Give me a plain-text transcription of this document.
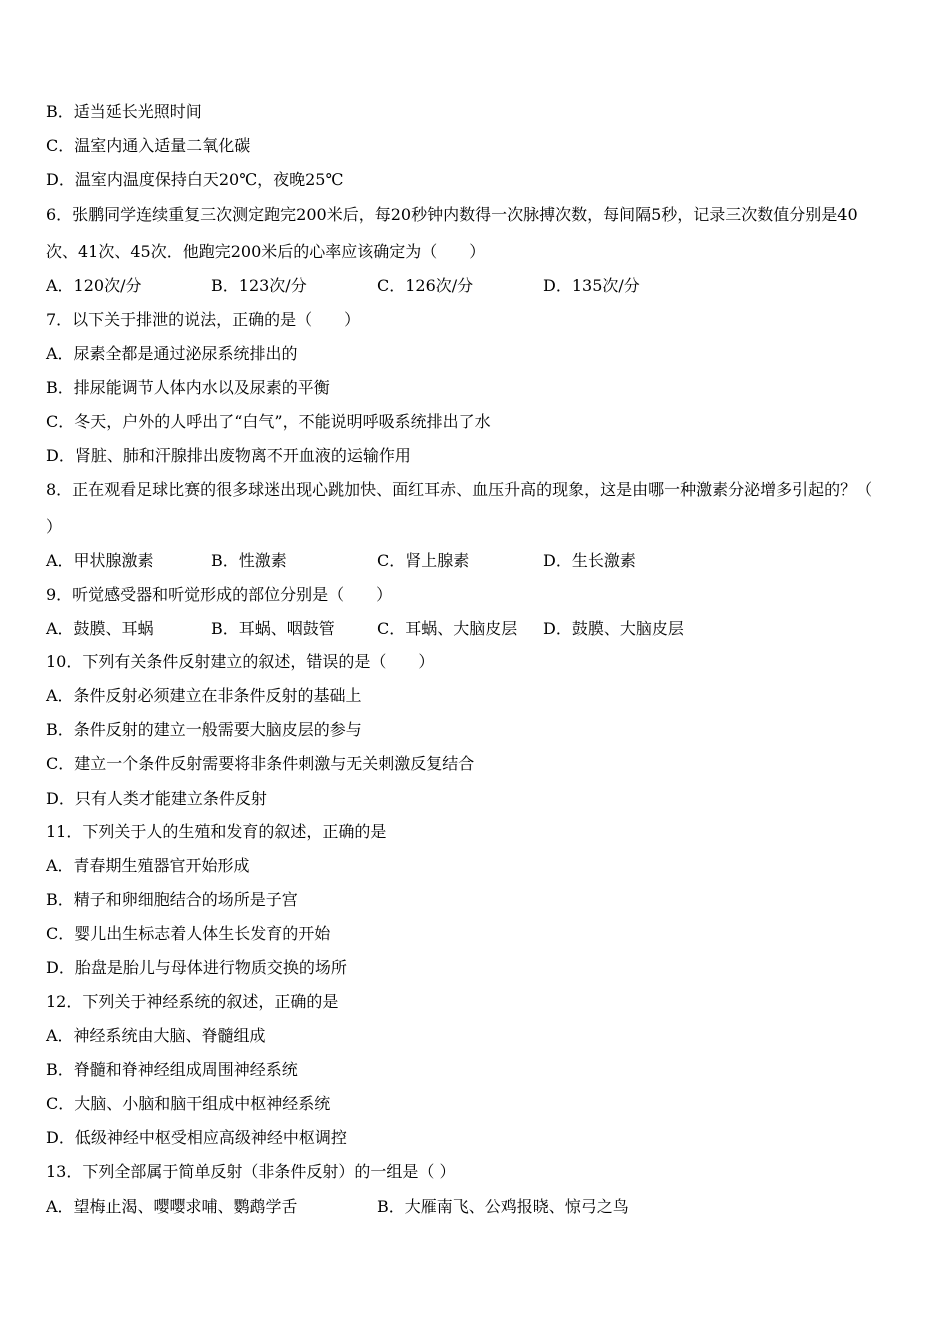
B．适当延长光照时间
C．温室内通入适量二氧化碳
D．温室内温度保持白天20℃，夜晚25℃
6．张鹏同学连续重复三次测定跑完200米后，每20秒钟内数得一次脉搏次数，每间隔5秒，记录三次数值分别是40
次、41次、45次．他跑完200米后的心率应该确定为（　　）
A．120次/分	B．123次/分	C．126次/分	D．135次/分
7．以下关于排泄的说法，正确的是（　　）
A．尿素全都是通过泌尿系统排出的
B．排尿能调节人体内水以及尿素的平衡
C．冬天，户外的人呼出了“白气”，不能说明呼吸系统排出了水
D．肾脏、肺和汗腺排出废物离不开血液的运输作用
8．正在观看足球比赛的很多球迷出现心跳加快、面红耳赤、血压升高的现象，这是由哪一种激素分泌增多引起的？（
）
A．甲状腺激素	B．性激素	C．肾上腺素	D．生长激素
9．听觉感受器和听觉形成的部位分别是（　　）
A．鼓膜、耳蜗	B．耳蜗、咽鼓管	C．耳蜗、大脑皮层 D．鼓膜、大脑皮层
10．下列有关条件反射建立的叙述，错误的是（　　）
A．条件反射必须建立在非条件反射的基础上
B．条件反射的建立一般需要大脑皮层的参与
C．建立一个条件反射需要将非条件刺激与无关刺激反复结合
D．只有人类才能建立条件反射
11．下列关于人的生殖和发育的叙述，正确的是
A．青春期生殖器官开始形成
B．精子和卵细胞结合的场所是子宫
C．婴儿出生标志着人体生长发育的开始
D．胎盘是胎儿与母体进行物质交换的场所
12．下列关于神经系统的叙述，正确的是
A．神经系统由大脑、脊髓组成
B．脊髓和脊神经组成周围神经系统
C．大脑、小脑和脑干组成中枢神经系统
D．低级神经中枢受相应高级神经中枢调控
13．下列全部属于简单反射（非条件反射）的一组是（ ）
A．望梅止渴、嘤嘤求哺、鹦鹉学舌	B．大雁南飞、公鸡报晓、惊弓之鸟
